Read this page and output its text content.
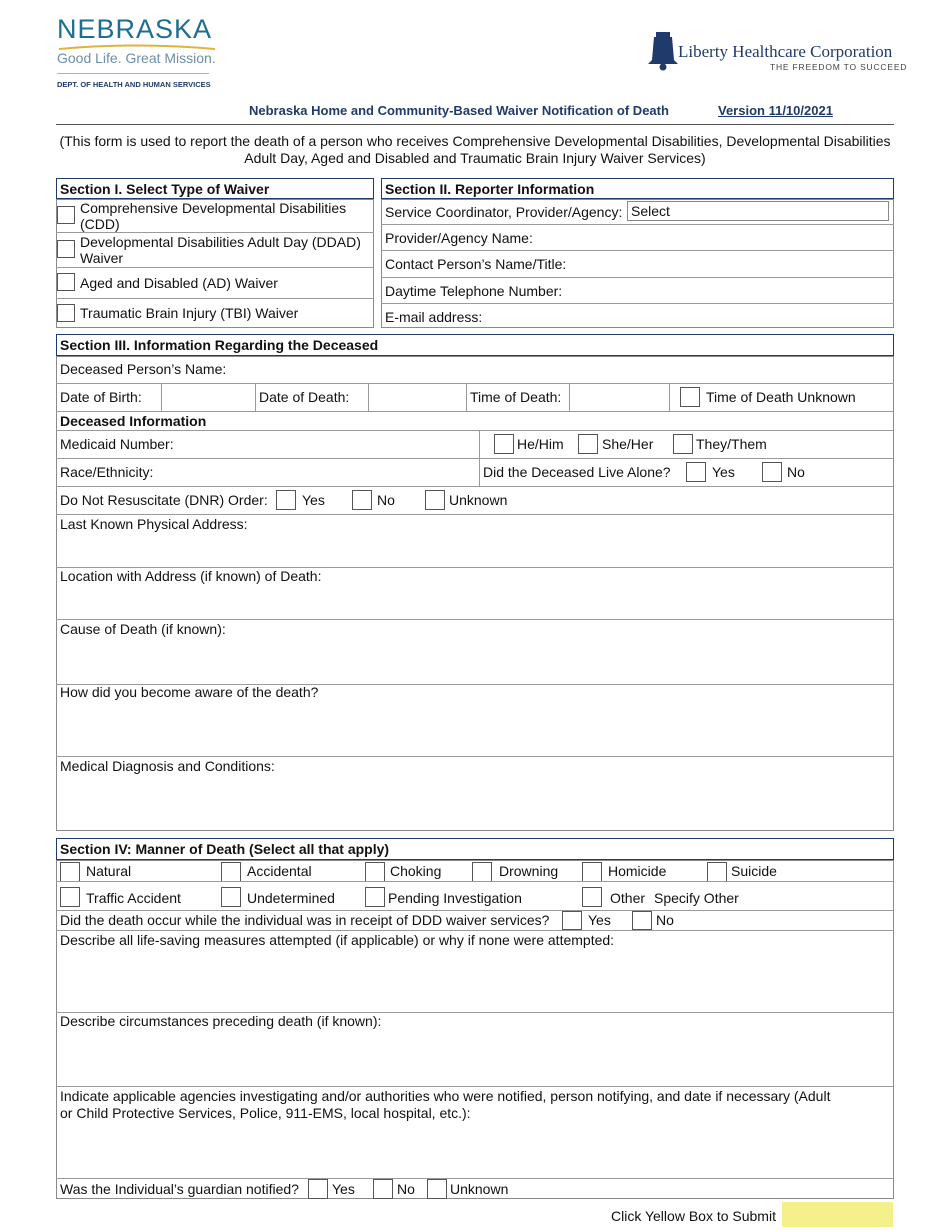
NEBRASKA
Good Life. Great Mission.
DEPT. OF HEALTH AND HUMAN SERVICES
Liberty Healthcare Corporation
THE FREEDOM TO SUCCEED
Nebraska Home and Community-Based Waiver Notification of Death	Version 11/10/2021
(This form is used to report the death of a person who receives Comprehensive Developmental Disabilities, Developmental Disabilities
Adult Day, Aged and Disabled and Traumatic Brain Injury Waiver Services)
Section I. Select Type of Waiver
Comprehensive Developmental Disabilities (CDD)
Developmental Disabilities Adult Day (DDAD) Waiver
Aged and Disabled (AD) Waiver
Traumatic Brain Injury (TBI) Waiver
Section II. Reporter Information
Service Coordinator, Provider/Agency: Select
Provider/Agency Name:
Contact Person’s Name/Title:
Daytime Telephone Number:
E-mail address:
Section III. Information Regarding the Deceased
Deceased Person’s Name:
Date of Birth:	Date of Death:	Time of Death:	Time of Death Unknown
Deceased Information
Medicaid Number:	He/Him	She/Her	They/Them
Race/Ethnicity:	Did the Deceased Live Alone?	Yes	No
Do Not Resuscitate (DNR) Order: Yes	No	Unknown
Last Known Physical Address:
Location with Address (if known) of Death:
Cause of Death (if known):
How did you become aware of the death?
Medical Diagnosis and Conditions:
Section IV: Manner of Death (Select all that apply)
Natural	Accidental	Choking	Drowning	Homicide	Suicide
Traffic Accident	Undetermined	Pending Investigation	Other Specify Other
Did the death occur while the individual was in receipt of DDD waiver services?	Yes	No
Describe all life-saving measures attempted (if applicable) or why if none were attempted:
Describe circumstances preceding death (if known):
Indicate applicable agencies investigating and/or authorities who were notified, person notifying, and date if necessary (Adult
or Child Protective Services, Police, 911-EMS, local hospital, etc.):
Was the Individual’s guardian notified? Yes	No	Unknown
Click Yellow Box to Submit
